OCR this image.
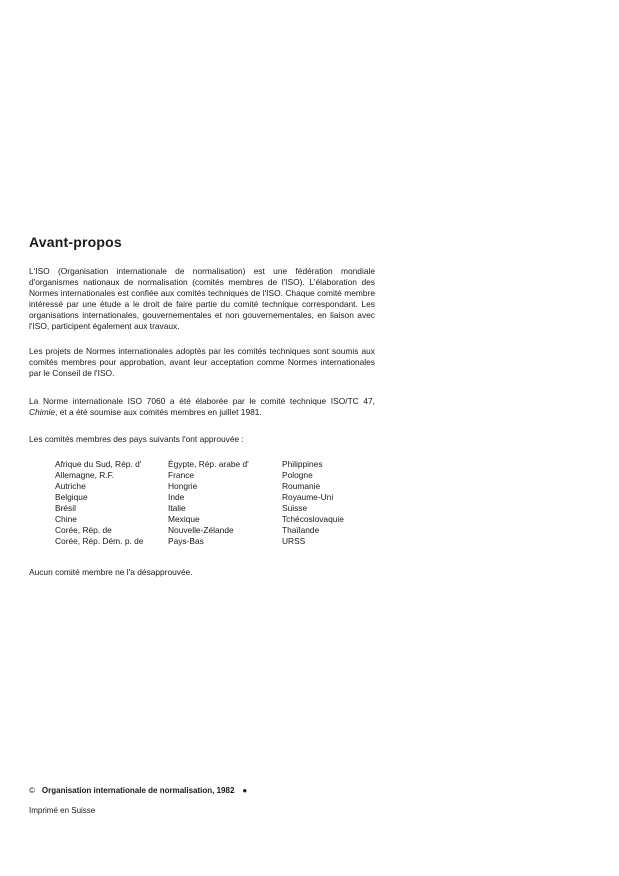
Avant-propos

L'ISO (Organisation internationale de normalisation) est une fédération mondiale d'organismes nationaux de normalisation (comités membres de l'ISO). L'élaboration des Normes internationales est confiée aux comités techniques de l'ISO. Chaque comité membre intéressé par une étude a le droit de faire partie du comité technique correspondant. Les organisations internationales, gouvernementales et non gouvernementales, en liaison avec l'ISO, participent également aux travaux.

Les projets de Normes internationales adoptés par les comités techniques sont soumis aux comités membres pour approbation, avant leur acceptation comme Normes internationales par le Conseil de l'ISO.

La Norme internationale ISO 7060 a été élaborée par le comité technique ISO/TC 47, Chimie, et a été soumise aux comités membres en juillet 1981.

Les comités membres des pays suivants l'ont approuvée :

Afrique du Sud, Rép. d'
Allemagne, R.F.
Autriche
Belgique
Brésil
Chine
Corée, Rép. de
Corée, Rép. Dém. p. de
Égypte, Rép. arabe d'
France
Hongrie
Inde
Italie
Mexique
Nouvelle-Zélande
Pays-Bas
Philippines
Pologne
Roumanie
Royaume-Uni
Suisse
Tchécoslovaquie
Thaïlande
URSS

Aucun comité membre ne l'a désapprouvée.

© Organisation internationale de normalisation, 1982 ●
Imprimé en Suisse
